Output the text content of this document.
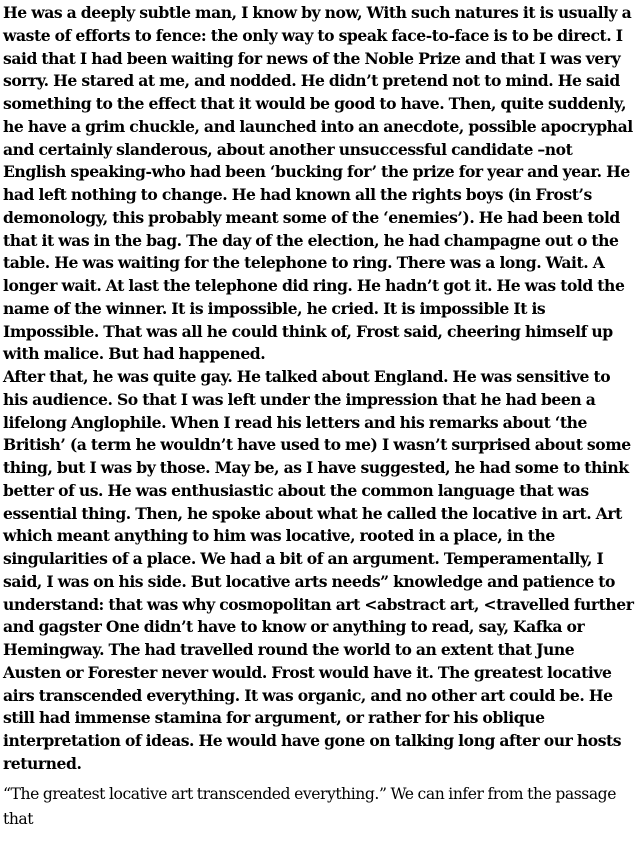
He was a deeply subtle man, I know by now, With such natures it is usually a waste of efforts to fence: the only way to speak face-to-face is to be direct. I said that I had been waiting for news of the Noble Prize and that I was very sorry. He stared at me, and nodded. He didn’t pretend not to mind. He said something to the effect that it would be good to have. Then, quite suddenly, he have a grim chuckle, and launched into an anecdote, possible apocryphal and certainly slanderous, about another unsuccessful candidate –not English speaking-who had been ‘bucking for’ the prize for year and year. He had left nothing to change. He had known all the rights boys (in Frost’s demonology, this probably meant some of the ‘enemies’). He had been told that it was in the bag. The day of the election, he had champagne out o the table. He was waiting for the telephone to ring. There was a long. Wait. A longer wait. At last the telephone did ring. He hadn’t got it. He was told the name of the winner. It is impossible, he cried. It is impossible It is Impossible. That was all he could think of, Frost said, cheering himself up with malice. But had happened.

After that, he was quite gay. He talked about England. He was sensitive to his audience. So that I was left under the impression that he had been a lifelong Anglophile. When I read his letters and his remarks about ‘the British’ (a term he wouldn’t have used to me) I wasn’t surprised about some thing, but I was by those. May be, as I have suggested, he had some to think better of us. He was enthusiastic about the common language that was essential thing. Then, he spoke about what he called the locative in art. Art which meant anything to him was locative, rooted in a place, in the singularities of a place. We had a bit of an argument. Temperamentally, I said, I was on his side. But locative arts needs” knowledge and patience to understand: that was why cosmopolitan art <abstract art, <travelled further and gagster One didn’t have to know or anything to read, say, Kafka or Hemingway. The had travelled round the world to an extent that June Austen or Forester never would. Frost would have it. The greatest locative airs transcended everything. It was organic, and no other art could be. He still had immense stamina for argument, or rather for his oblique interpretation of ideas. He would have gone on talking long after our hosts returned.

“The greatest locative art transcended everything.” We can infer from the passage that
